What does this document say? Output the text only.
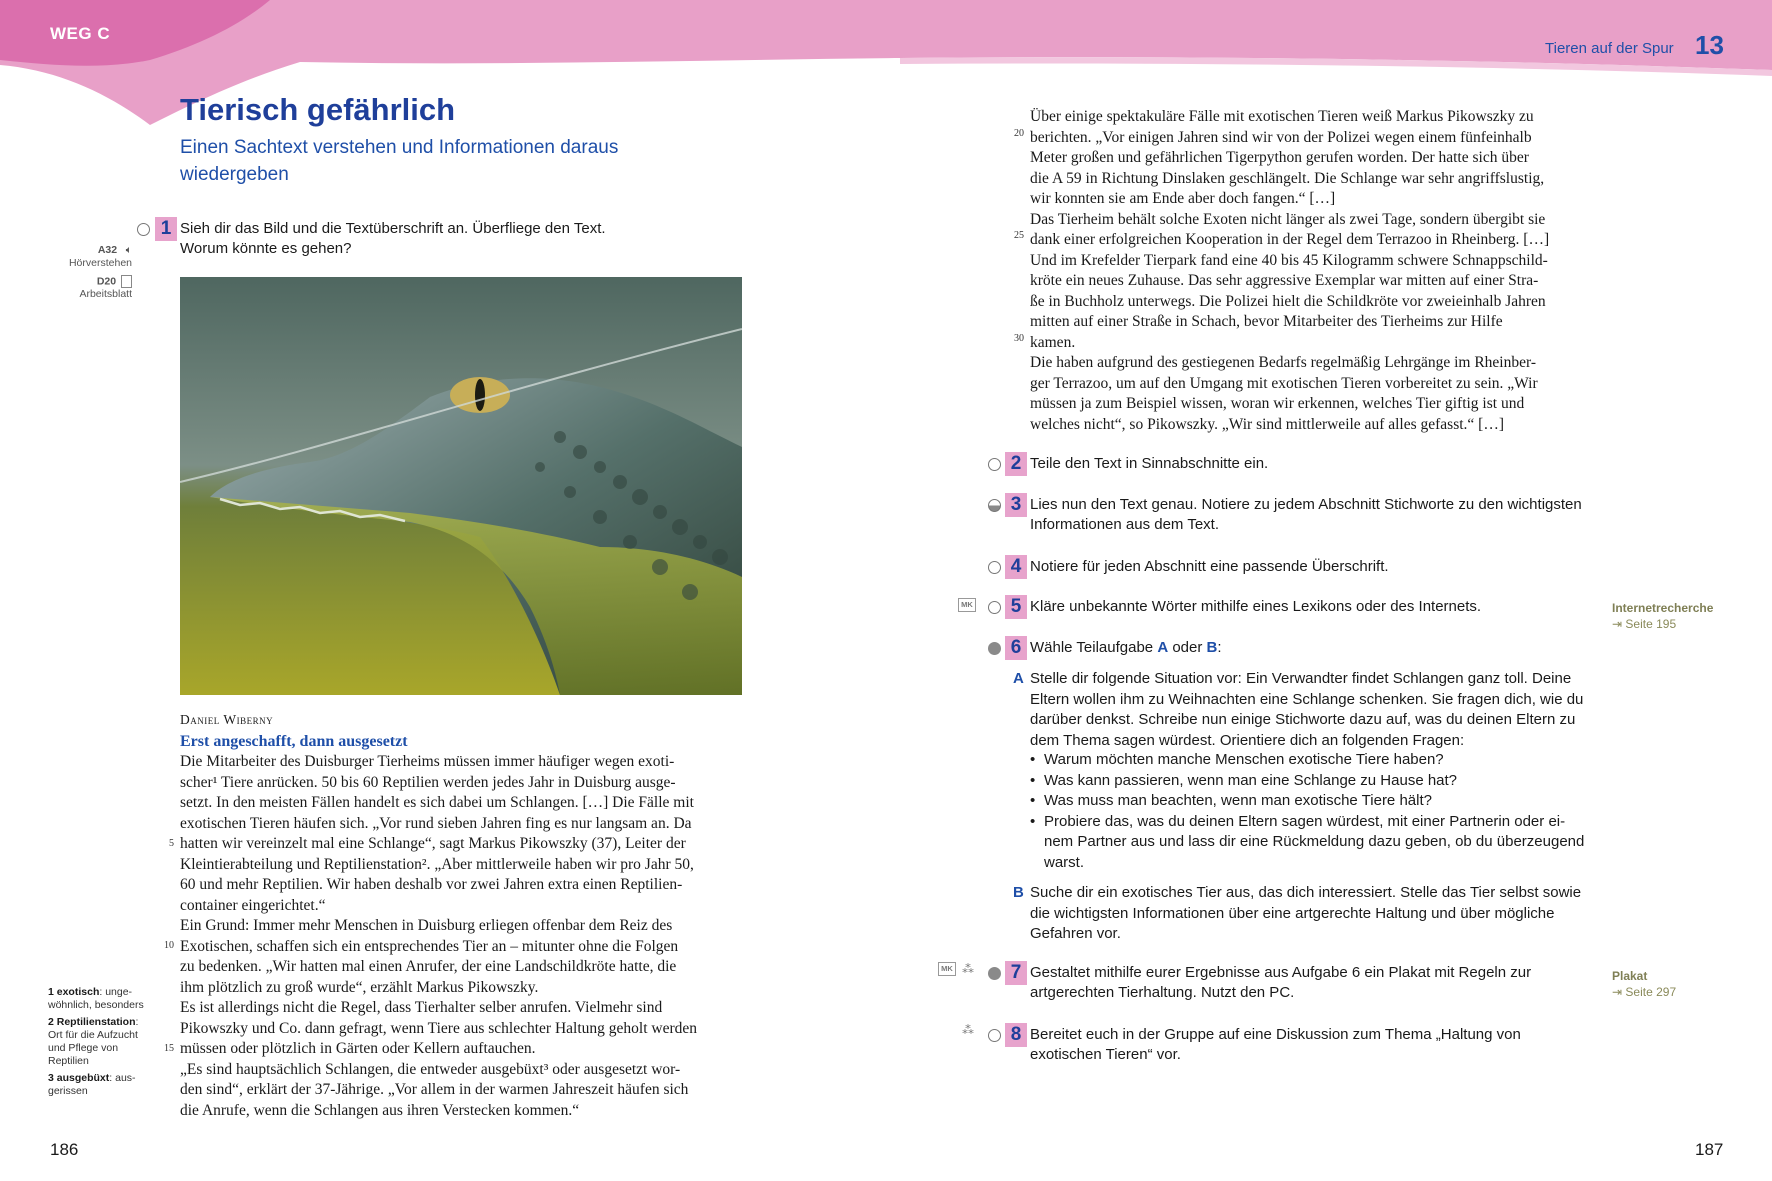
WEG C
Tieren auf der Spur 13
Tierisch gefährlich
Einen Sachtext verstehen und Informationen daraus wiedergeben
A32 🔈︎
Hörverstehen
D20
Arbeitsblatt
1 Sieh dir das Bild und die Textüberschrift an. Überfliege den Text.
Worum könnte es gehen?
Daniel Wiberny
Erst angeschafft, dann ausgesetzt
Die Mitarbeiter des Duisburger Tierheims müssen immer häufiger wegen exoti-
scher¹ Tiere anrücken. 50 bis 60 Reptilien werden jedes Jahr in Duisburg ausge-
setzt. In den meisten Fällen handelt es sich dabei um Schlangen. […] Die Fälle mit
exotischen Tieren häufen sich. „Vor rund sieben Jahren fing es nur langsam an. Da
hatten wir vereinzelt mal eine Schlange“, sagt Markus Pikowszky (37), Leiter der
Kleintierabteilung und Reptilienstation². „Aber mittlerweile haben wir pro Jahr 50,
60 und mehr Reptilien. Wir haben deshalb vor zwei Jahren extra einen Reptilien-
container eingerichtet.“
Ein Grund: Immer mehr Menschen in Duisburg erliegen offenbar dem Reiz des
Exotischen, schaffen sich ein entsprechendes Tier an – mitunter ohne die Folgen
zu bedenken. „Wir hatten mal einen Anrufer, der eine Landschildkröte hatte, die
ihm plötzlich zu groß wurde“, erzählt Markus Pikowszky.
Es ist allerdings nicht die Regel, dass Tierhalter selber anrufen. Vielmehr sind
Pikowszky und Co. dann gefragt, wenn Tiere aus schlechter Haltung geholt werden
müssen oder plötzlich in Gärten oder Kellern auftauchen.
„Es sind hauptsächlich Schlangen, die entweder ausgebüxt³ oder ausgesetzt wor-
den sind“, erklärt der 37-Jährige. „Vor allem in der warmen Jahreszeit häufen sich
die Anrufe, wenn die Schlangen aus ihren Verstecken kommen.“
5
10
15
1 exotisch: unge-
wöhnlich, besonders
2 Reptilienstation:
Ort für die Aufzucht
und Pflege von
Reptilien
3 ausgebüxt: aus-
gerissen
186
Über einige spektakuläre Fälle mit exotischen Tieren weiß Markus Pikowszky zu
berichten. „Vor einigen Jahren sind wir von der Polizei wegen einem fünfeinhalb
Meter großen und gefährlichen Tigerpython gerufen worden. Der hatte sich über
die A 59 in Richtung Dinslaken geschlängelt. Die Schlange war sehr angriffslustig,
wir konnten sie am Ende aber doch fangen.“ […]
Das Tierheim behält solche Exoten nicht länger als zwei Tage, sondern übergibt sie
dank einer erfolgreichen Kooperation in der Regel dem Terrazoo in Rheinberg. […]
Und im Krefelder Tierpark fand eine 40 bis 45 Kilogramm schwere Schnappschild-
kröte ein neues Zuhause. Das sehr aggressive Exemplar war mitten auf einer Stra-
ße in Buchholz unterwegs. Die Polizei hielt die Schildkröte vor zweieinhalb Jahren
mitten auf einer Straße in Schach, bevor Mitarbeiter des Tierheims zur Hilfe
kamen.
Die haben aufgrund des gestiegenen Bedarfs regelmäßig Lehrgänge im Rheinber-
ger Terrazoo, um auf den Umgang mit exotischen Tieren vorbereitet zu sein. „Wir
müssen ja zum Beispiel wissen, woran wir erkennen, welches Tier giftig ist und
welches nicht“, so Pikowszky. „Wir sind mittlerweile auf alles gefasst.“ […]
20
25
30
2 Teile den Text in Sinnabschnitte ein.
3 Lies nun den Text genau. Notiere zu jedem Abschnitt Stichworte zu den wichtigsten
Informationen aus dem Text.
4 Notiere für jeden Abschnitt eine passende Überschrift.
MK	5 Kläre unbekannte Wörter mithilfe eines Lexikons oder des Internets.	Internetrecherche
⇥ Seite 195
6 Wähle Teilaufgabe A oder B:
A Stelle dir folgende Situation vor: Ein Verwandter findet Schlangen ganz toll. Deine
Eltern wollen ihm zu Weihnachten eine Schlange schenken. Sie fragen dich, wie du
darüber denkst. Schreibe nun einige Stichworte dazu auf, was du deinen Eltern zu
dem Thema sagen würdest. Orientiere dich an folgenden Fragen:
• Warum möchten manche Menschen exotische Tiere haben?
• Was kann passieren, wenn man eine Schlange zu Hause hat?
• Was muss man beachten, wenn man exotische Tiere hält?
• Probiere das, was du deinen Eltern sagen würdest, mit einer Partnerin oder ei-
nem Partner aus und lass dir eine Rückmeldung dazu geben, ob du überzeugend
warst.
B Suche dir ein exotisches Tier aus, das dich interessiert. Stelle das Tier selbst sowie
die wichtigsten Informationen über eine artgerechte Haltung und über mögliche
Gefahren vor.
MK ⁂	7 Gestaltet mithilfe eurer Ergebnisse aus Aufgabe 6 ein Plakat mit Regeln zur
artgerechten Tierhaltung. Nutzt den PC.
Plakat
⇥ Seite 297
⁂	8 Bereitet euch in der Gruppe auf eine Diskussion zum Thema „Haltung von
exotischen Tieren“ vor.
187
